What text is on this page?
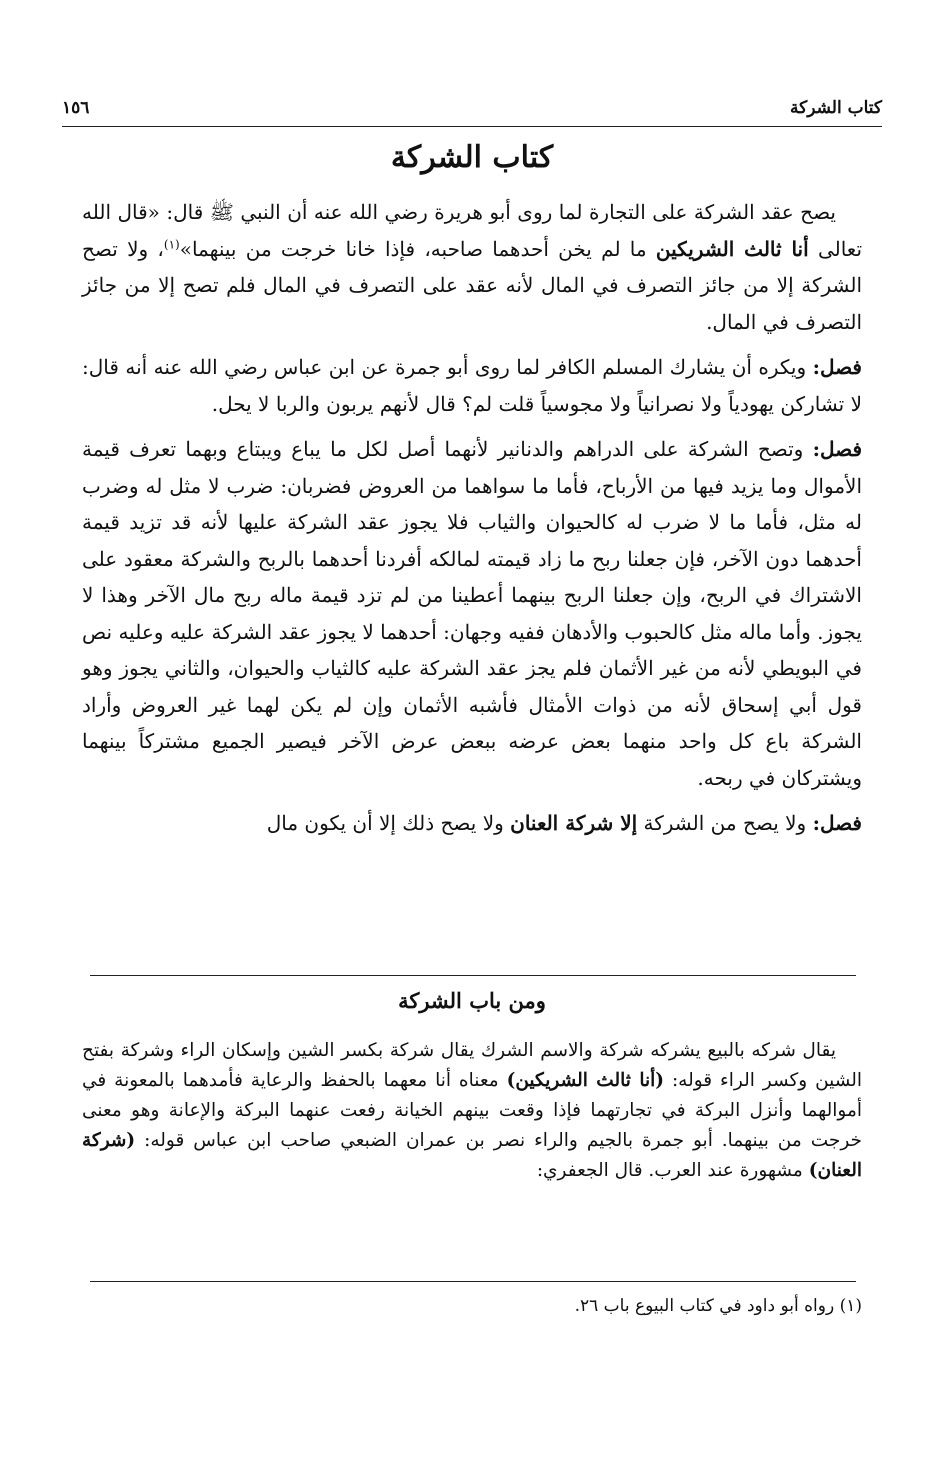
كتاب الشركة
١٥٦
كتاب الشركة

يصح عقد الشركة على التجارة لما روى أبو هريرة رضي الله عنه أن النبي ﷺ قال: «قال الله تعالى أنا ثالث الشريكين ما لم يخن أحدهما صاحبه، فإذا خانا خرجت من بينهما»$^{(١)}$، ولا تصح الشركة إلا من جائز التصرف في المال لأنه عقد على التصرف في المال فلم تصح إلا من جائز التصرف في المال.

فصل: ويكره أن يشارك المسلم الكافر لما روى أبو جمرة عن ابن عباس رضي الله عنه أنه قال: لا تشاركن يهودياً ولا نصرانياً ولا مجوسياً قلت لم؟ قال لأنهم يربون والربا لا يحل.

فصل: وتصح الشركة على الدراهم والدنانير لأنهما أصل لكل ما يباع ويبتاع وبهما تعرف قيمة الأموال وما يزيد فيها من الأرباح، فأما ما سواهما من العروض فضربان: ضرب لا مثل له وضرب له مثل، فأما ما لا ضرب له كالحيوان والثياب فلا يجوز عقد الشركة عليها لأنه قد تزيد قيمة أحدهما دون الآخر، فإن جعلنا ربح ما زاد قيمته لمالكه أفردنا أحدهما بالربح والشركة معقود على الاشتراك في الربح، وإن جعلنا الربح بينهما أعطينا من لم تزد قيمة ماله ربح مال الآخر وهذا لا يجوز. وأما ماله مثل كالحبوب والأدهان ففيه وجهان: أحدهما لا يجوز عقد الشركة عليه وعليه نص في البويطي لأنه من غير الأثمان فلم يجز عقد الشركة عليه كالثياب والحيوان، والثاني يجوز وهو قول أبي إسحاق لأنه من ذوات الأمثال فأشبه الأثمان وإن لم يكن لهما غير العروض وأراد الشركة باع كل واحد منهما بعض عرضه ببعض عرض الآخر فيصير الجميع مشتركاً بينهما ويشتركان في ربحه.

فصل: ولا يصح من الشركة إلا شركة العنان ولا يصح ذلك إلا أن يكون مال

ومن باب الشركة

يقال شركه بالبيع يشركه شركة والاسم الشرك يقال شركة بكسر الشين وإسكان الراء وشركة بفتح الشين وكسر الراء قوله: (أنا ثالث الشريكين) معناه أنا معهما بالحفظ والرعاية فأمدهما بالمعونة في أموالهما وأنزل البركة في تجارتهما فإذا وقعت بينهم الخيانة رفعت عنهما البركة والإعانة وهو معنى خرجت من بينهما. أبو جمرة بالجيم والراء نصر بن عمران الضبعي صاحب ابن عباس قوله: (شركة العنان) مشهورة عند العرب. قال الجعفري:

(١) رواه أبو داود في كتاب البيوع باب ٢٦.
